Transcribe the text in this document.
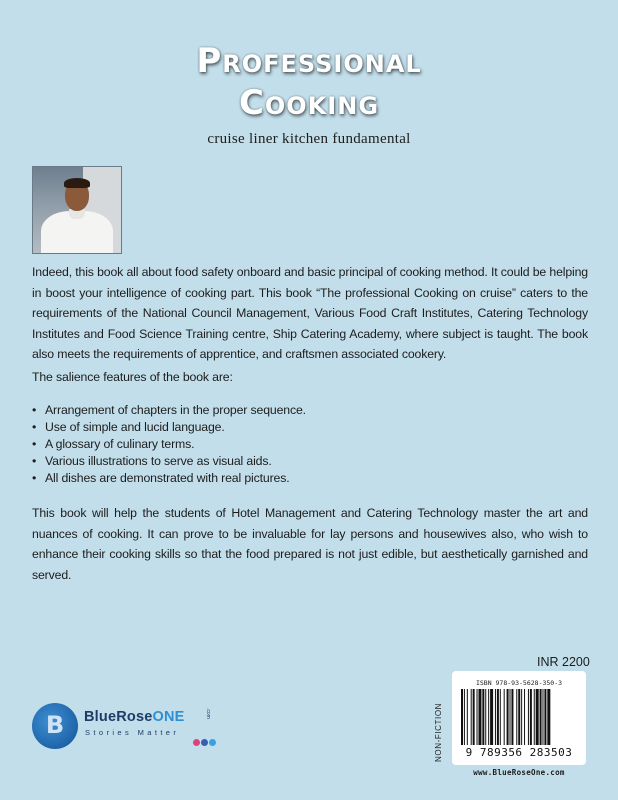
Professional
Cooking
cruise liner kitchen fundamental

Indeed, this book all about food safety onboard and basic principal of cooking method. It could be helping in boost your intelligence of cooking part. This book “The professional Cooking on cruise” caters to the requirements of the National Council Management, Various Food Craft Institutes, Catering Technology Institutes and Food Science Training centre, Ship Catering Academy, where subject is taught. The book also meets the requirements of apprentice, and craftsmen associated cookery.

The salience features of the book are:

• Arrangement of chapters in the proper sequence.
• Use of simple and lucid language.
• A glossary of culinary terms.
• Various illustrations to serve as visual aids.
• All dishes are demonstrated with real pictures.

This book will help the students of Hotel Management and Catering Technology master the art and nuances of cooking. It can prove to be invaluable for lay persons and housewives also, who wish to enhance their cooking skills so that the food prepared is not just edible, but aesthetically garnished and served.

INR 2200
NON-FICTION
ISBN 978-93-5628-350-3
9 789356 283503
www.BlueRoseOne.com
B	BlueRoseONE	.com
Stories Matter
